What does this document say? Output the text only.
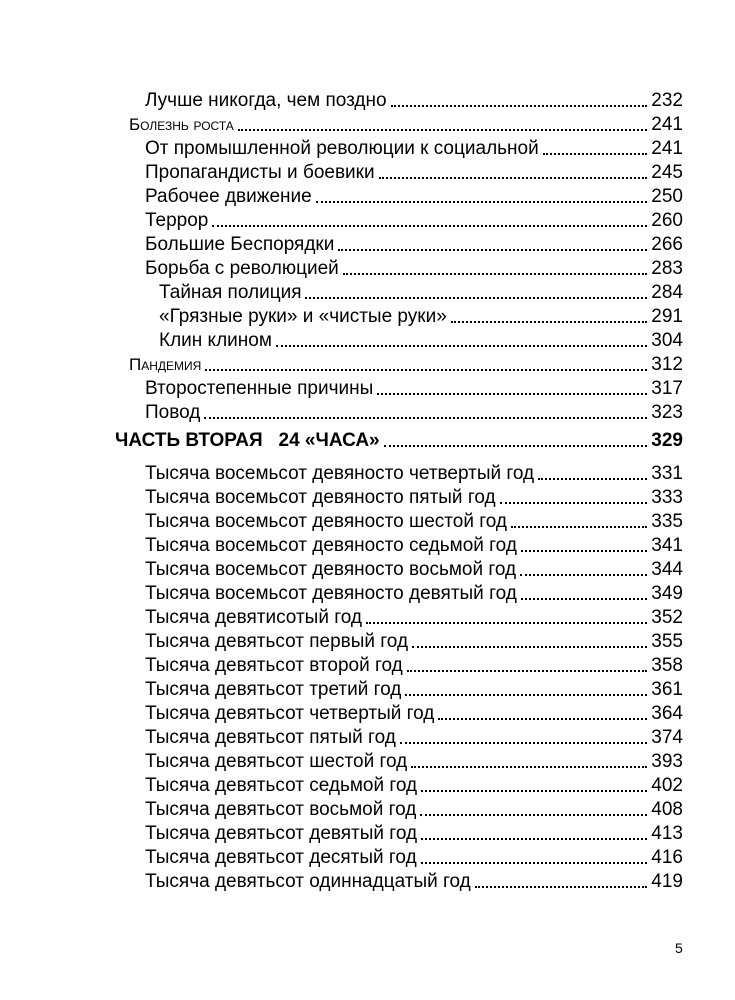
Лучше никогда, чем поздно	232
Болезнь роста	241
От промышленной революции к социальной	241
Пропагандисты и боевики	245
Рабочее движение	250
Террор	260
Большие Беспорядки	266
Борьба с революцией	283
Тайная полиция	284
«Грязные руки» и «чистые руки»	291
Клин клином	304
Пандемия	312
Второстепенные причины	317
Повод	323
ЧАСТЬ ВТОРАЯ   24 «ЧАСА»	329
Тысяча восемьсот девяносто четвертый год	331
Тысяча восемьсот девяносто пятый год	333
Тысяча восемьсот девяносто шестой год	335
Тысяча восемьсот девяносто седьмой год	341
Тысяча восемьсот девяносто восьмой год	344
Тысяча восемьсот девяносто девятый год	349
Тысяча девятисотый год	352
Тысяча девятьсот первый год	355
Тысяча девятьсот второй год	358
Тысяча девятьсот третий год	361
Тысяча девятьсот четвертый год	364
Тысяча девятьсот пятый год	374
Тысяча девятьсот шестой год	393
Тысяча девятьсот седьмой год	402
Тысяча девятьсот восьмой год	408
Тысяча девятьсот девятый год	413
Тысяча девятьсот десятый год	416
Тысяча девятьсот одиннадцатый год	419
5
